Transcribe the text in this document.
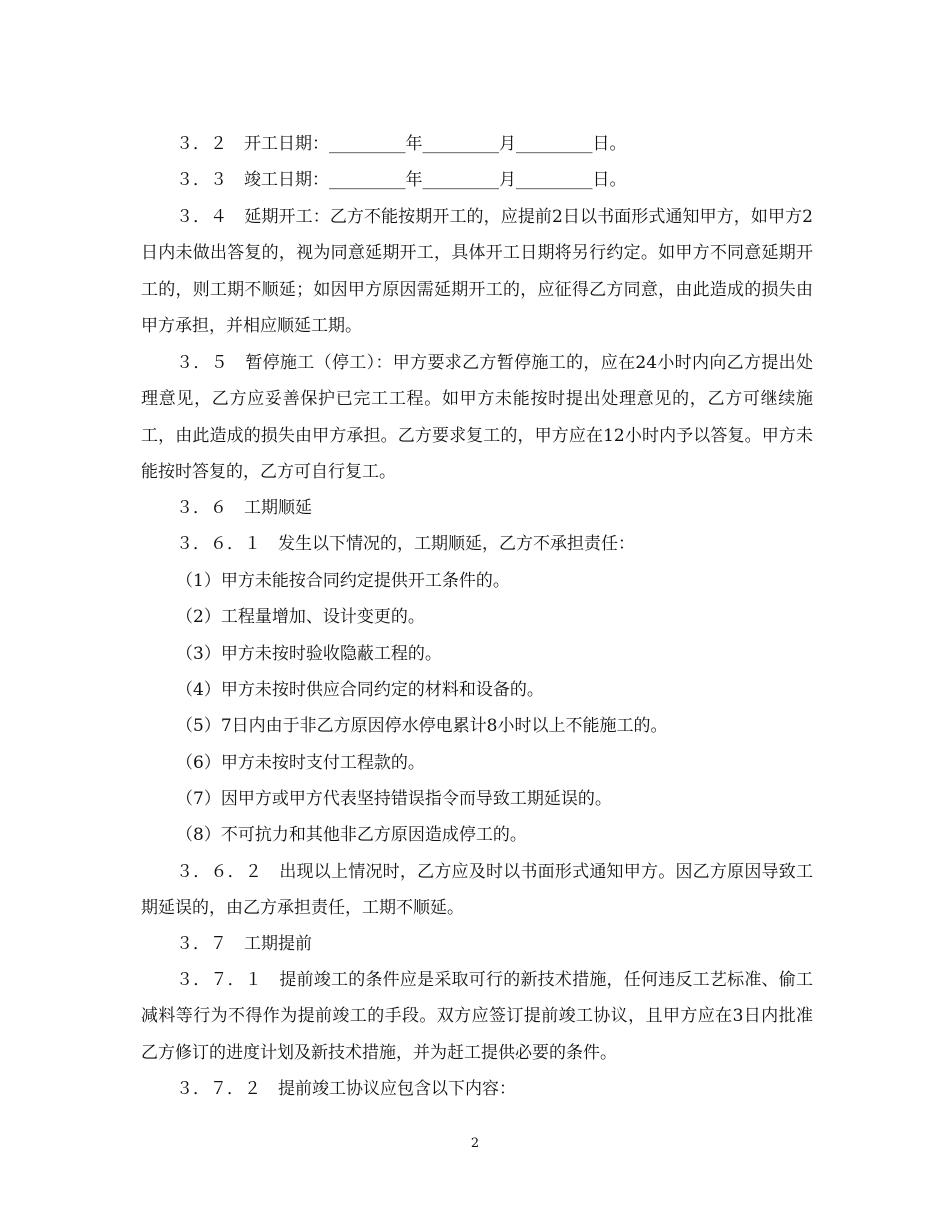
３．２　开工日期：_________年_________月_________日。

３．３　竣工日期：_________年_________月_________日。

３．４　延期开工：乙方不能按期开工的，应提前2日以书面形式通知甲方，如甲方2日内未做出答复的，视为同意延期开工，具体开工日期将另行约定。如甲方不同意延期开工的，则工期不顺延；如因甲方原因需延期开工的，应征得乙方同意，由此造成的损失由甲方承担，并相应顺延工期。

３．５　暂停施工（停工）：甲方要求乙方暂停施工的，应在24小时内向乙方提出处理意见，乙方应妥善保护已完工工程。如甲方未能按时提出处理意见的，乙方可继续施工，由此造成的损失由甲方承担。乙方要求复工的，甲方应在12小时内予以答复。甲方未能按时答复的，乙方可自行复工。

３．６　工期顺延

３．６．１　发生以下情况的，工期顺延，乙方不承担责任：

（1）甲方未能按合同约定提供开工条件的。

（2）工程量增加、设计变更的。

（3）甲方未按时验收隐蔽工程的。

（4）甲方未按时供应合同约定的材料和设备的。

（5）7日内由于非乙方原因停水停电累计8小时以上不能施工的。

（6）甲方未按时支付工程款的。

（7）因甲方或甲方代表坚持错误指令而导致工期延误的。

（8）不可抗力和其他非乙方原因造成停工的。

３．６．２　出现以上情况时，乙方应及时以书面形式通知甲方。因乙方原因导致工期延误的，由乙方承担责任，工期不顺延。

３．７　工期提前

３．７．１　提前竣工的条件应是采取可行的新技术措施，任何违反工艺标准、偷工减料等行为不得作为提前竣工的手段。双方应签订提前竣工协议，且甲方应在3日内批准乙方修订的进度计划及新技术措施，并为赶工提供必要的条件。

３．７．２　提前竣工协议应包含以下内容：

2
